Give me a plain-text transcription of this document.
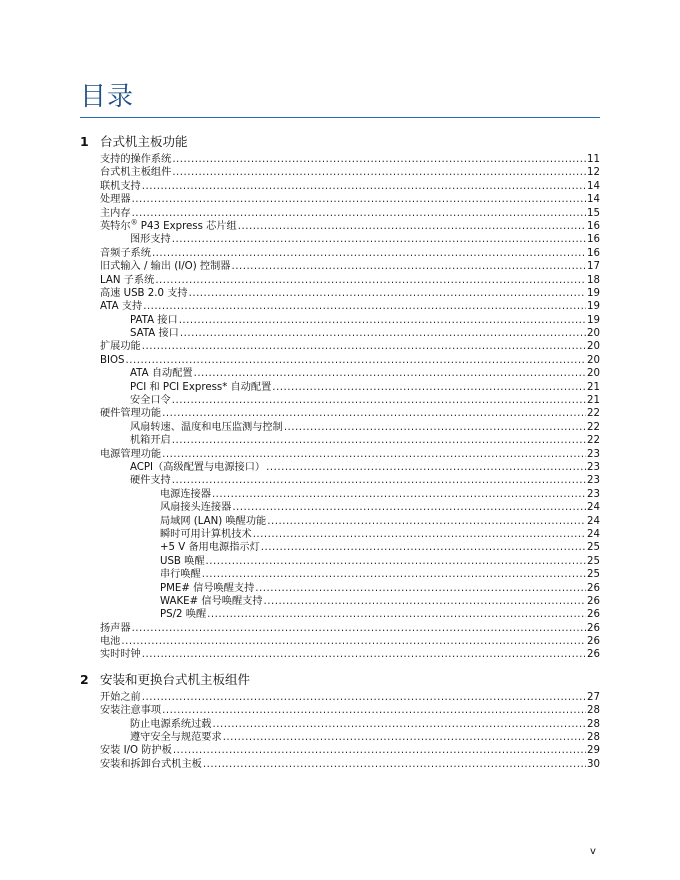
目录
1 台式机主板功能
支持的操作系统 .....	11
台式机主板组件 .....	12
联机支持 .....	14
处理器 .....	14
主内存 .....	15
英特尔® P43 Express 芯片组 .....	16
图形支持 .....	16
音频子系统 .....	16
旧式输入 / 输出 (I/O) 控制器 .....	17
LAN 子系统 .....	18
高速 USB 2.0 支持 .....	19
ATA 支持 .....	19
PATA 接口 .....	19
SATA 接口 .....	20
扩展功能 .....	20
BIOS .....	20
ATA 自动配置 .....	20
PCI 和 PCI Express* 自动配置 .....	21
安全口令 .....	21
硬件管理功能 .....	22
风扇转速、温度和电压监测与控制 .....	22
机箱开启 .....	22
电源管理功能 .....	23
ACPI（高级配置与电源接口） .....	23
硬件支持 .....	23
电源连接器 .....	23
风扇接头连接器 .....	24
局域网 (LAN) 唤醒功能 .....	24
瞬时可用计算机技术 .....	24
+5 V 备用电源指示灯 .....	25
USB 唤醒 .....	25
串行唤醒 .....	25
PME# 信号唤醒支持 .....	26
WAKE# 信号唤醒支持 .....	26
PS/2 唤醒 .....	26
扬声器 .....	26
电池 .....	26
实时时钟 .....	26
2 安装和更换台式机主板组件
开始之前 .....	27
安装注意事项 .....	28
防止电源系统过载 .....	28
遵守安全与规范要求 .....	28
安装 I/O 防护板 .....	29
安装和拆卸台式机主板 .....	30
v
